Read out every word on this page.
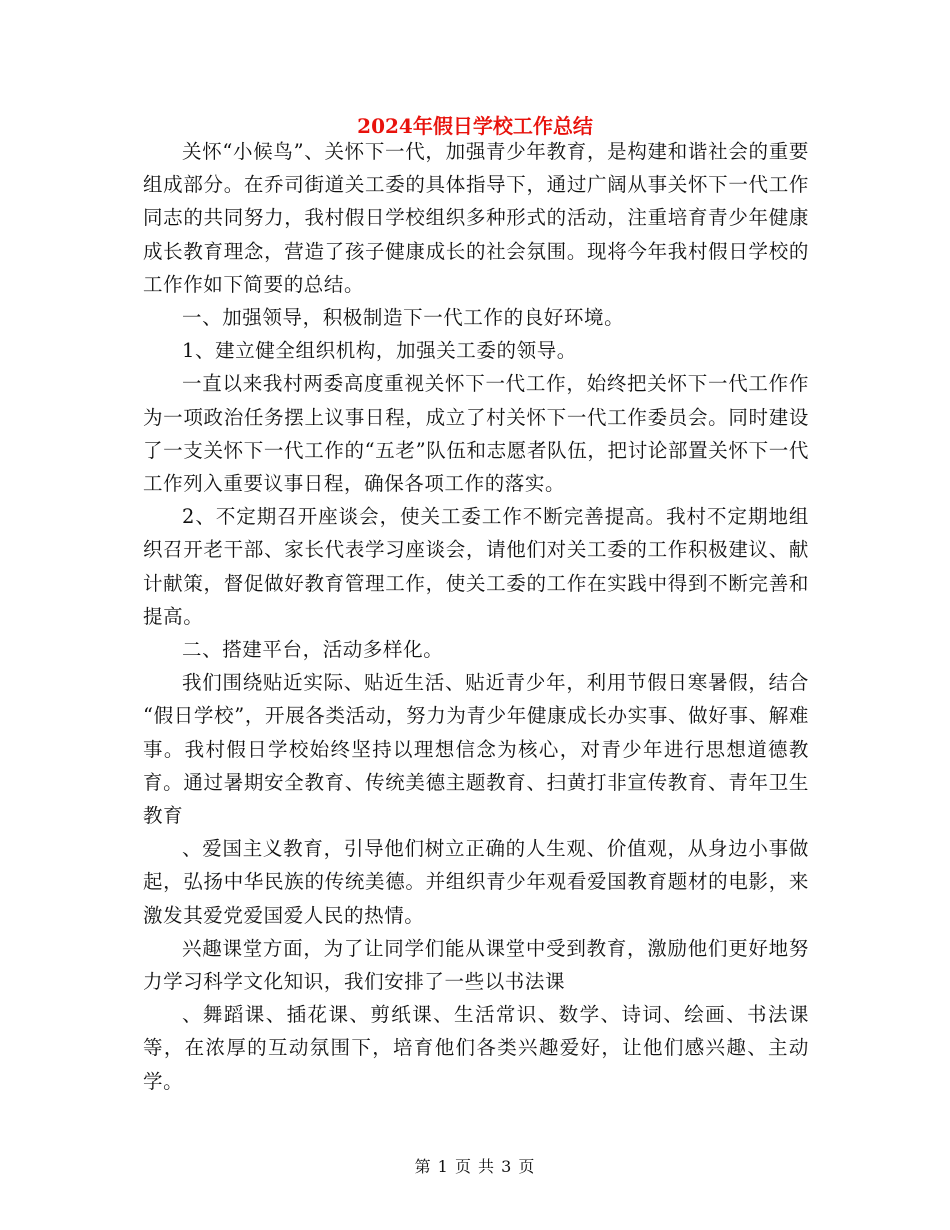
2024年假日学校工作总结

关怀“小候鸟”、关怀下一代，加强青少年教育，是构建和谐社会的重要组成部分。在乔司街道关工委的具体指导下，通过广阔从事关怀下一代工作同志的共同努力，我村假日学校组织多种形式的活动，注重培育青少年健康成长教育理念，营造了孩子健康成长的社会氛围。现将今年我村假日学校的工作作如下简要的总结。

一、加强领导，积极制造下一代工作的良好环境。

1、建立健全组织机构，加强关工委的领导。

一直以来我村两委高度重视关怀下一代工作，始终把关怀下一代工作作为一项政治任务摆上议事日程，成立了村关怀下一代工作委员会。同时建设了一支关怀下一代工作的“五老”队伍和志愿者队伍，把讨论部置关怀下一代工作列入重要议事日程，确保各项工作的落实。

2、不定期召开座谈会，使关工委工作不断完善提高。我村不定期地组织召开老干部、家长代表学习座谈会，请他们对关工委的工作积极建议、献计献策，督促做好教育管理工作，使关工委的工作在实践中得到不断完善和提高。

二、搭建平台，活动多样化。

我们围绕贴近实际、贴近生活、贴近青少年，利用节假日寒暑假，结合 “假日学校”，开展各类活动，努力为青少年健康成长办实事、做好事、解难事。我村假日学校始终坚持以理想信念为核心，对青少年进行思想道德教育。通过暑期安全教育、传统美德主题教育、扫黄打非宣传教育、青年卫生教育

、爱国主义教育，引导他们树立正确的人生观、价值观，从身边小事做起，弘扬中华民族的传统美德。并组织青少年观看爱国教育题材的电影，来激发其爱党爱国爱人民的热情。

兴趣课堂方面，为了让同学们能从课堂中受到教育，激励他们更好地努力学习科学文化知识，我们安排了一些以书法课

、舞蹈课、插花课、剪纸课、生活常识、数学、诗词、绘画、书法课等，在浓厚的互动氛围下，培育他们各类兴趣爱好，让他们感兴趣、主动学。

第 1 页 共 3 页
